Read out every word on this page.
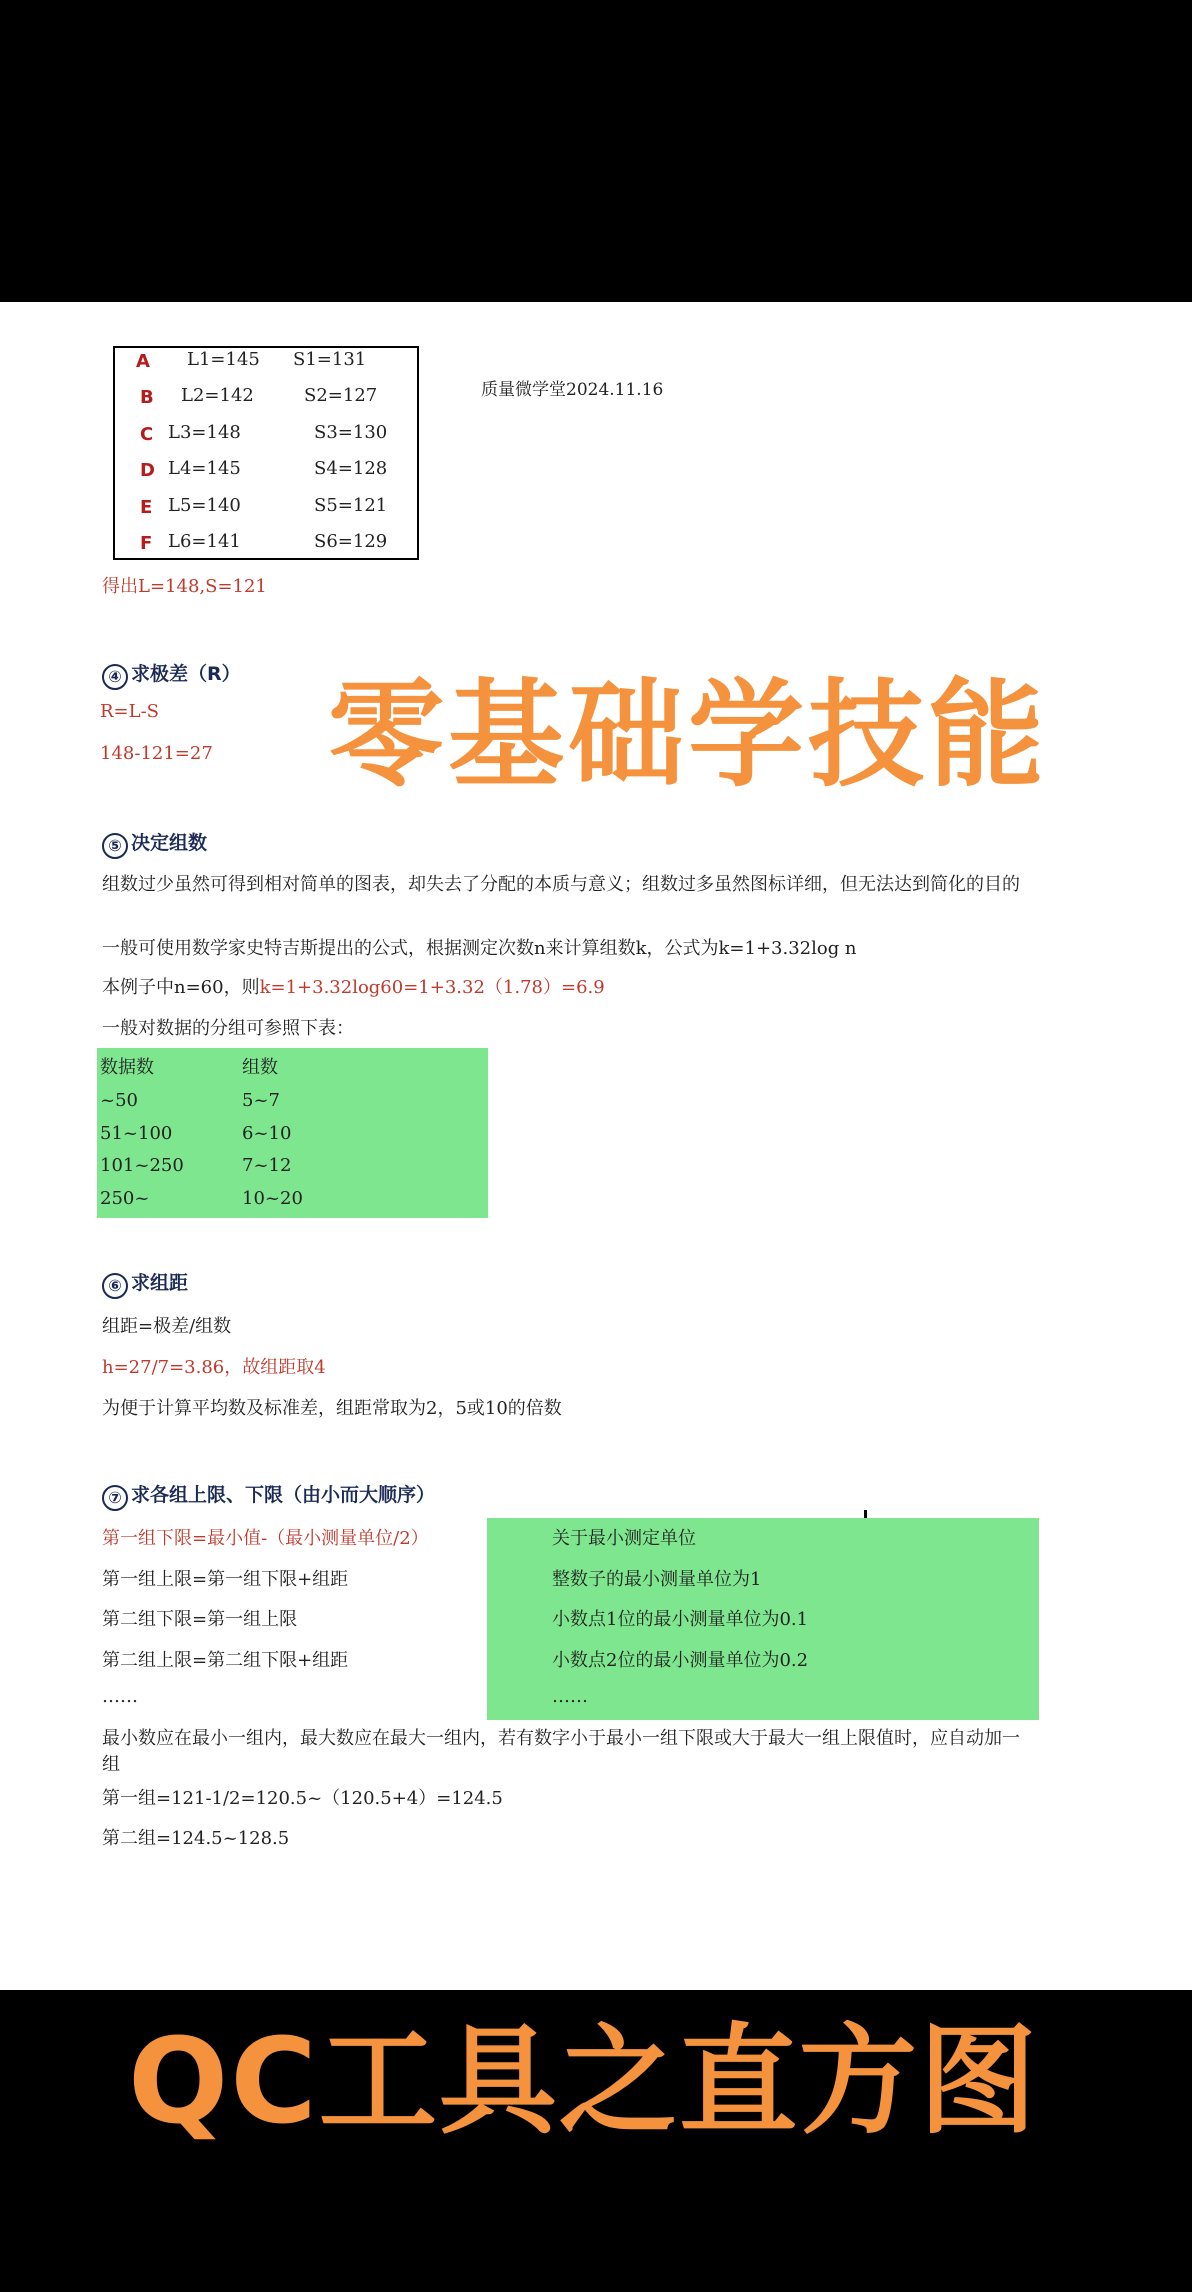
A L1=145 S1=131
B L2=142	S2=127
C L3=148	S3=130
D L4=145	S4=128
E L5=140	S5=121
F L6=141	S6=129
质量微学堂2024.11.16
得出L=148,S=121
④ 求极差（R）
R=L-S
148-121=27 零基础学技能
⑤ 决定组数
组数过少虽然可得到相对简单的图表，却失去了分配的本质与意义；组数过多虽然图标详细，但无法达到简化的目的
一般可使用数学家史特吉斯提出的公式，根据测定次数n来计算组数k，公式为k=1+3.32log n
本例子中n=60，则k=1+3.32log60=1+3.32（1.78）=6.9
一般对数据的分组可参照下表：
数据数	组数
~50	5~7
51~100	6~10
101~250	7~12
250~	10~20
⑥ 求组距
组距=极差/组数
h=27/7=3.86，故组距取4
为便于计算平均数及标准差，组距常取为2，5或10的倍数
⑦ 求各组上限、下限（由小而大顺序）
第一组下限=最小值-（最小测量单位/2）
第一组上限=第一组下限+组距
第二组下限=第一组上限
第二组上限=第二组下限+组距
……
关于最小测定单位
整数子的最小测量单位为1
小数点1位的最小测量单位为0.1
小数点2位的最小测量单位为0.2
……
最小数应在最小一组内，最大数应在最大一组内，若有数字小于最小一组下限或大于最大一组上限值时，应自动加一组
第一组=121-1/2=120.5~（120.5+4）=124.5
第二组=124.5~128.5
QC工具之直方图
